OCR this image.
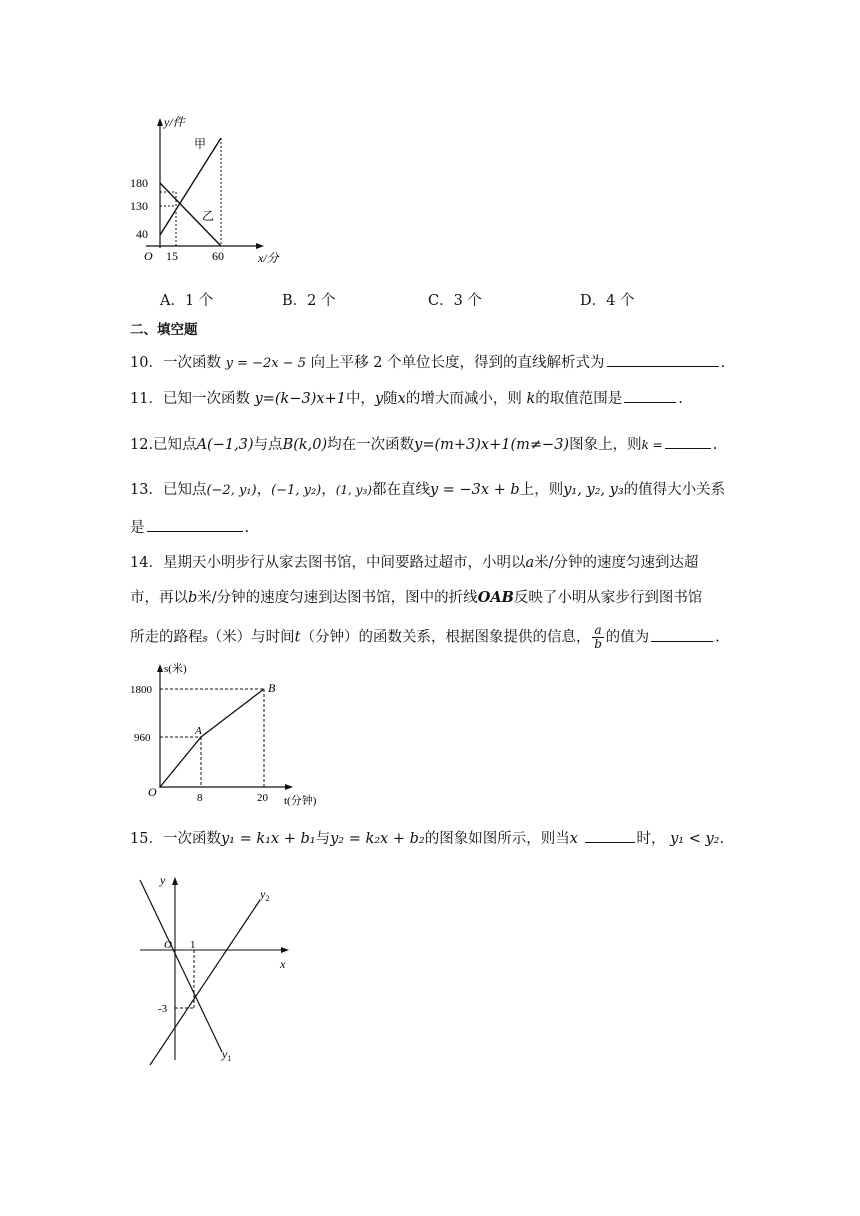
y/件
x/分
O
甲
乙
180
130
40
15	60
A．1 个	B．2 个	C．3 个	D．4 个
二、填空题
10．一次函数 y = −2x − 5 向上平移 2 个单位长度，得到的直线解析式为	.
11．已知一次函数 y=(k−3)x+1中，y随x的增大而减小，则 k的取值范围是	.
12.已知点A(−1,3)与点B(k,0)均在一次函数y=(m+3)x+1(m≠−3)图象上，则k =	.
13．已知点(−2, y₁)，(−1, y₂)，(1, y₃)都在直线y = −3x + b上，则y₁, y₂, y₃的值得大小关系
是	.
14．星期天小明步行从家去图书馆，中间要路过超市，小明以a米/分钟的速度匀速到达超
市，再以b米/分钟的速度匀速到达图书馆，图中的折线OAB反映了小明从家步行到图书馆
所走的路程s（米）与时间t（分钟）的函数关系，根据图象提供的信息， $\frac{a}{b}$ 的值为	.
s(米)
t(分钟)
O
A
B
1800
960
8	20
15．一次函数y₁ = k₁x + b₁与y₂ = k₂x + b₂的图象如图所示，则当x	时， y₁ < y₂.
y
x
O 1
-3
$y_1$
$y_2$
